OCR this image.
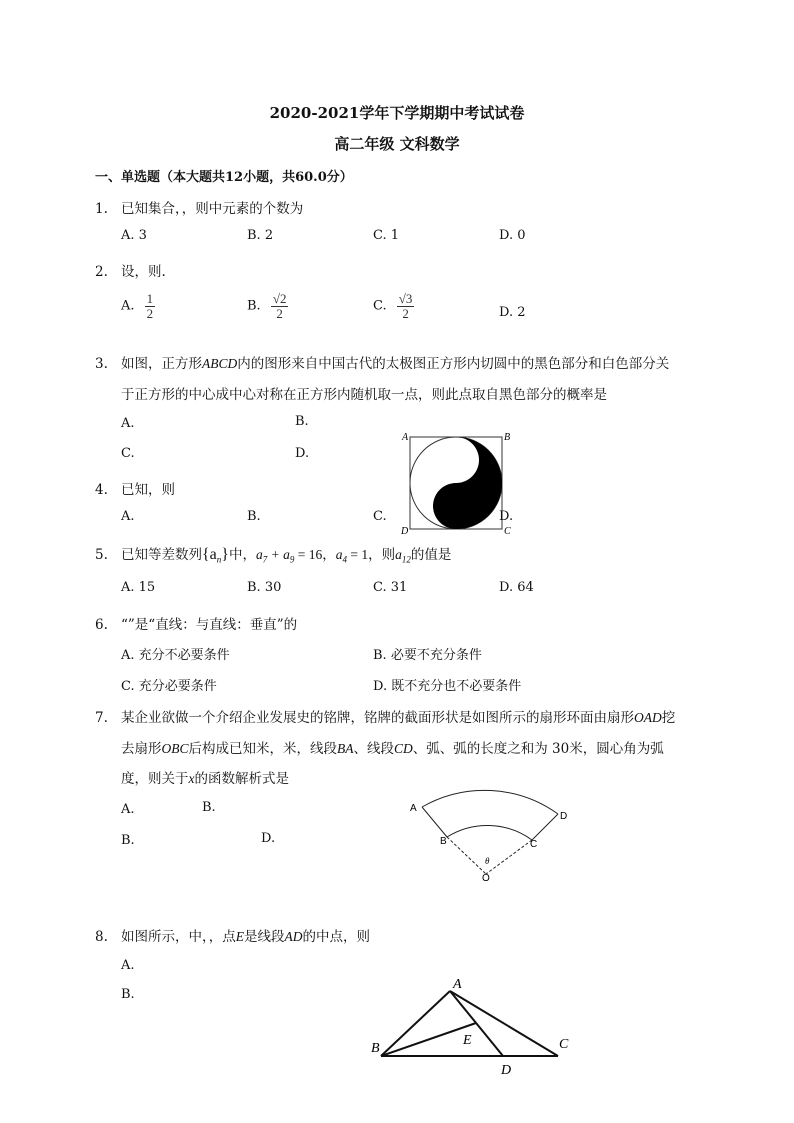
2020-2021学年下学期期中考试试卷
高二年级 文科数学
一、单选题（本大题共12小题，共60.0分）
1. 已知集合，，则中元素的个数为
A. 3	B. 2	C. 1	D. 0
2. 设，则.
A. $\frac{1}{2}$	B. $\frac{√2}{2}$	C. $\frac{√3}{2}$	D. 2
3. 如图，正方形ABCD内的图形来自中国古代的太极图正方形内切圆中的黑色部分和白色部分关
于正方形的中心成中心对称在正方形内随机取一点，则此点取自黑色部分的概率是
A.	B.
C.	D.
A	B
D	C
4. 已知，则
A.	B.	C.	D.
5. 已知等差数列$\{a_n\}$中，$a_7 + a_9 = 16$，$a_4 = 1$，则$a_{12}$的值是
A. 15	B. 30	C. 31	D. 64
6. “”是“直线：与直线：垂直”的
A. 充分不必要条件	B. 必要不充分条件
C. 充分必要条件	D. 既不充分也不必要条件
7. 某企业欲做一个介绍企业发展史的铭牌，铭牌的截面形状是如图所示的扇形环面由扇形OAD挖
去扇形OBC后构成已知米，米，线段BA、线段CD、弧、弧的长度之和为 30米，圆心角为弧
度，则关于x的函数解析式是
A.	B.
B.	D.
A
D
B	C
θ
O
8. 如图所示，中，，点E是线段AD的中点，则
A.
B.
A
B
E	C
D
